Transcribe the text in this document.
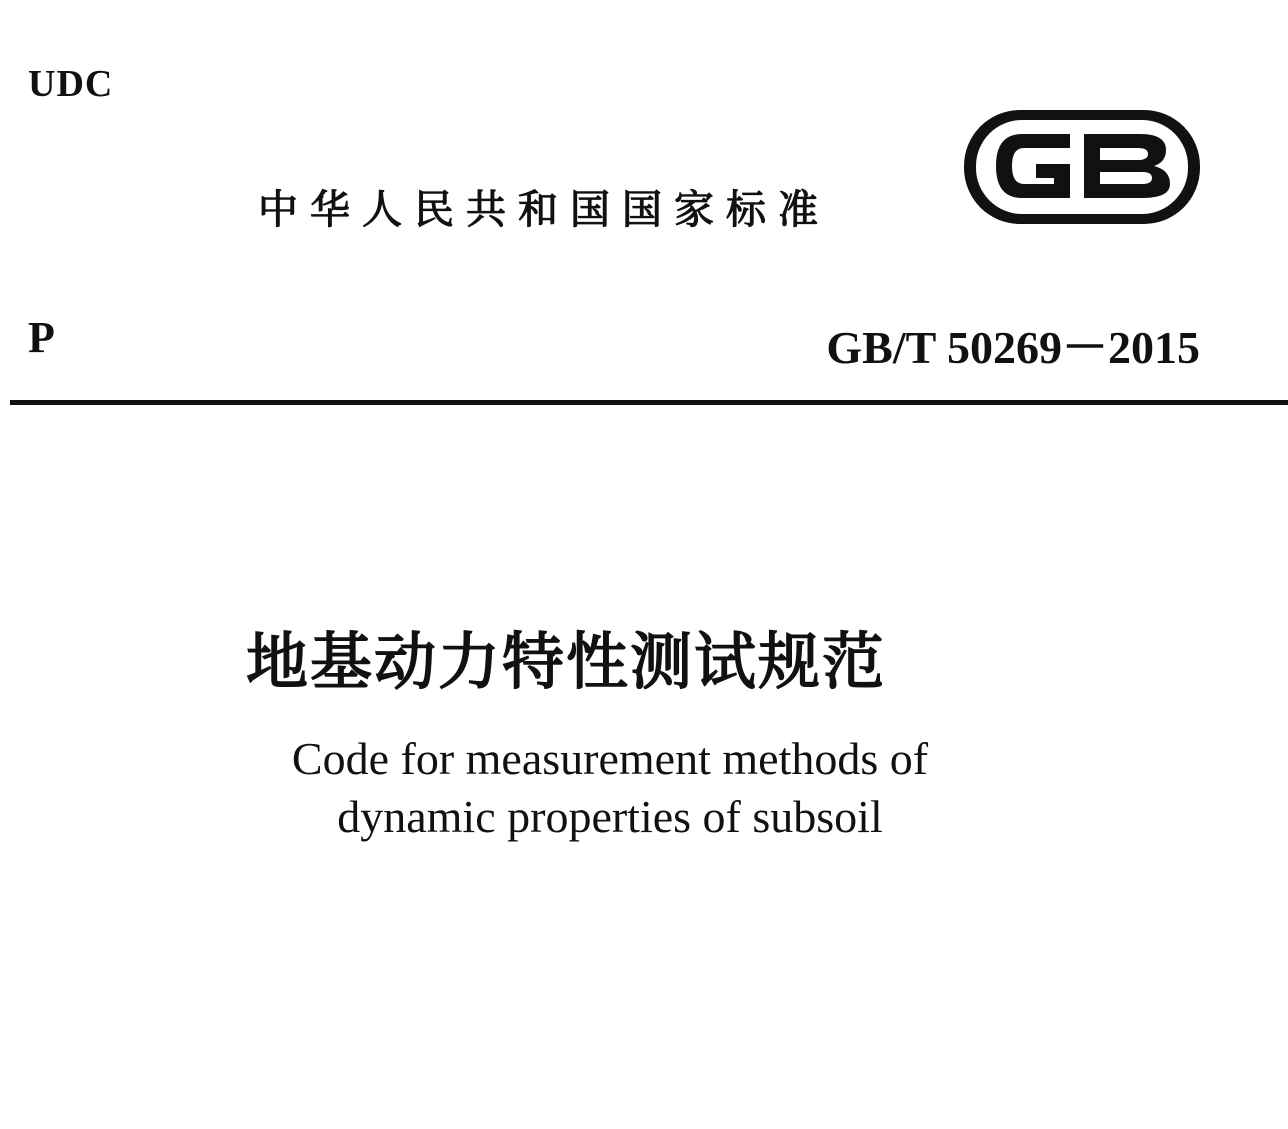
UDC
中华人民共和国国家标准
P	GB/T 50269－2015
地基动力特性测试规范
Code for measurement methods of
dynamic properties of subsoil
